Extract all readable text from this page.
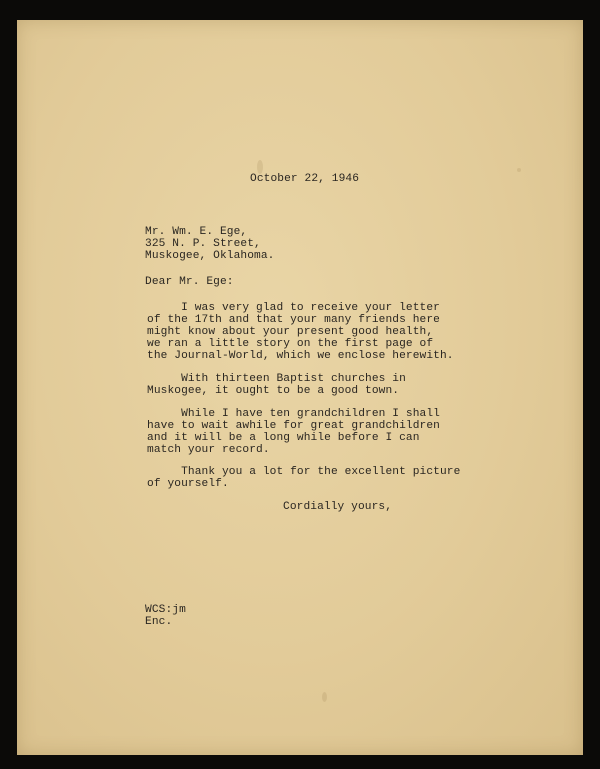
October 22, 1946

Mr. Wm. E. Ege,

325 N. P. Street,

Muskogee, Oklahoma.

Dear Mr. Ege:

I was very glad to receive your letter

of the 17th and that your many friends here

might know about your present good health,

we ran a little story on the first page of

the Journal-World, which we enclose herewith.

With thirteen Baptist churches in

Muskogee, it ought to be a good town.

While I have ten grandchildren I shall

have to wait awhile for great grandchildren

and it will be a long while before I can

match your record.

Thank you a lot for the excellent picture

of yourself.

Cordially yours,

WCS:jm

Enc.
